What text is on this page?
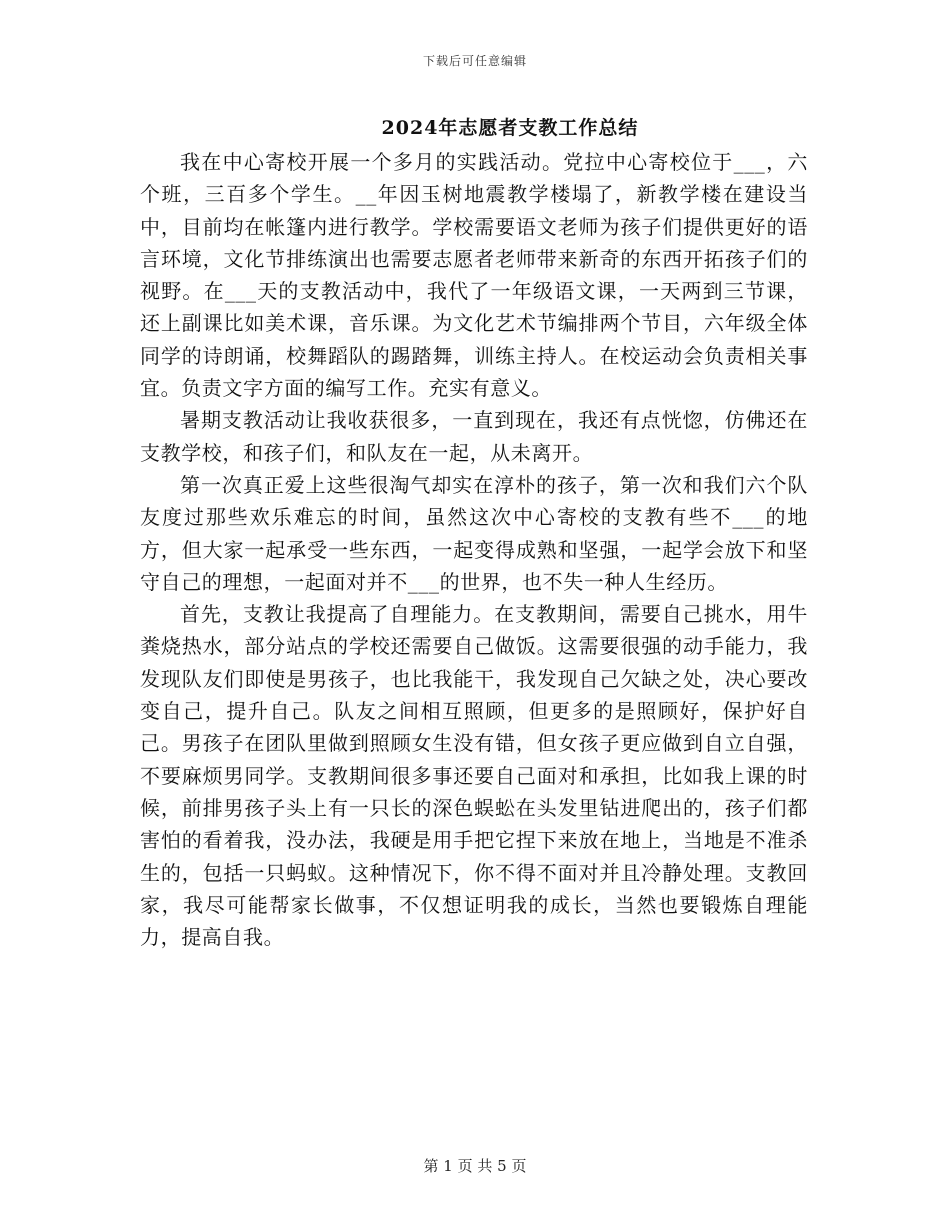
下载后可任意编辑
2024年志愿者支教工作总结

我在中心寄校开展一个多月的实践活动。党拉中心寄校位于___，六个班，三百多个学生。__年因玉树地震教学楼塌了，新教学楼在建设当中，目前均在帐篷内进行教学。学校需要语文老师为孩子们提供更好的语言环境，文化节排练演出也需要志愿者老师带来新奇的东西开拓孩子们的视野。在___天的支教活动中，我代了一年级语文课，一天两到三节课，还上副课比如美术课，音乐课。为文化艺术节编排两个节目，六年级全体同学的诗朗诵，校舞蹈队的踢踏舞，训练主持人。在校运动会负责相关事宜。负责文字方面的编写工作。充实有意义。

暑期支教活动让我收获很多，一直到现在，我还有点恍惚，仿佛还在支教学校，和孩子们，和队友在一起，从未离开。

第一次真正爱上这些很淘气却实在淳朴的孩子，第一次和我们六个队友度过那些欢乐难忘的时间，虽然这次中心寄校的支教有些不___的地方，但大家一起承受一些东西，一起变得成熟和坚强，一起学会放下和坚守自己的理想，一起面对并不___的世界，也不失一种人生经历。

首先，支教让我提高了自理能力。在支教期间，需要自己挑水，用牛粪烧热水，部分站点的学校还需要自己做饭。这需要很强的动手能力，我发现队友们即使是男孩子，也比我能干，我发现自己欠缺之处，决心要改变自己，提升自己。队友之间相互照顾，但更多的是照顾好，保护好自己。男孩子在团队里做到照顾女生没有错，但女孩子更应做到自立自强，不要麻烦男同学。支教期间很多事还要自己面对和承担，比如我上课的时候，前排男孩子头上有一只长的深色蜈蚣在头发里钻进爬出的，孩子们都害怕的看着我，没办法，我硬是用手把它捏下来放在地上，当地是不准杀生的，包括一只蚂蚁。这种情况下，你不得不面对并且冷静处理。支教回家，我尽可能帮家长做事，不仅想证明我的成长，当然也要锻炼自理能力，提高自我。

第 1 页 共 5 页
